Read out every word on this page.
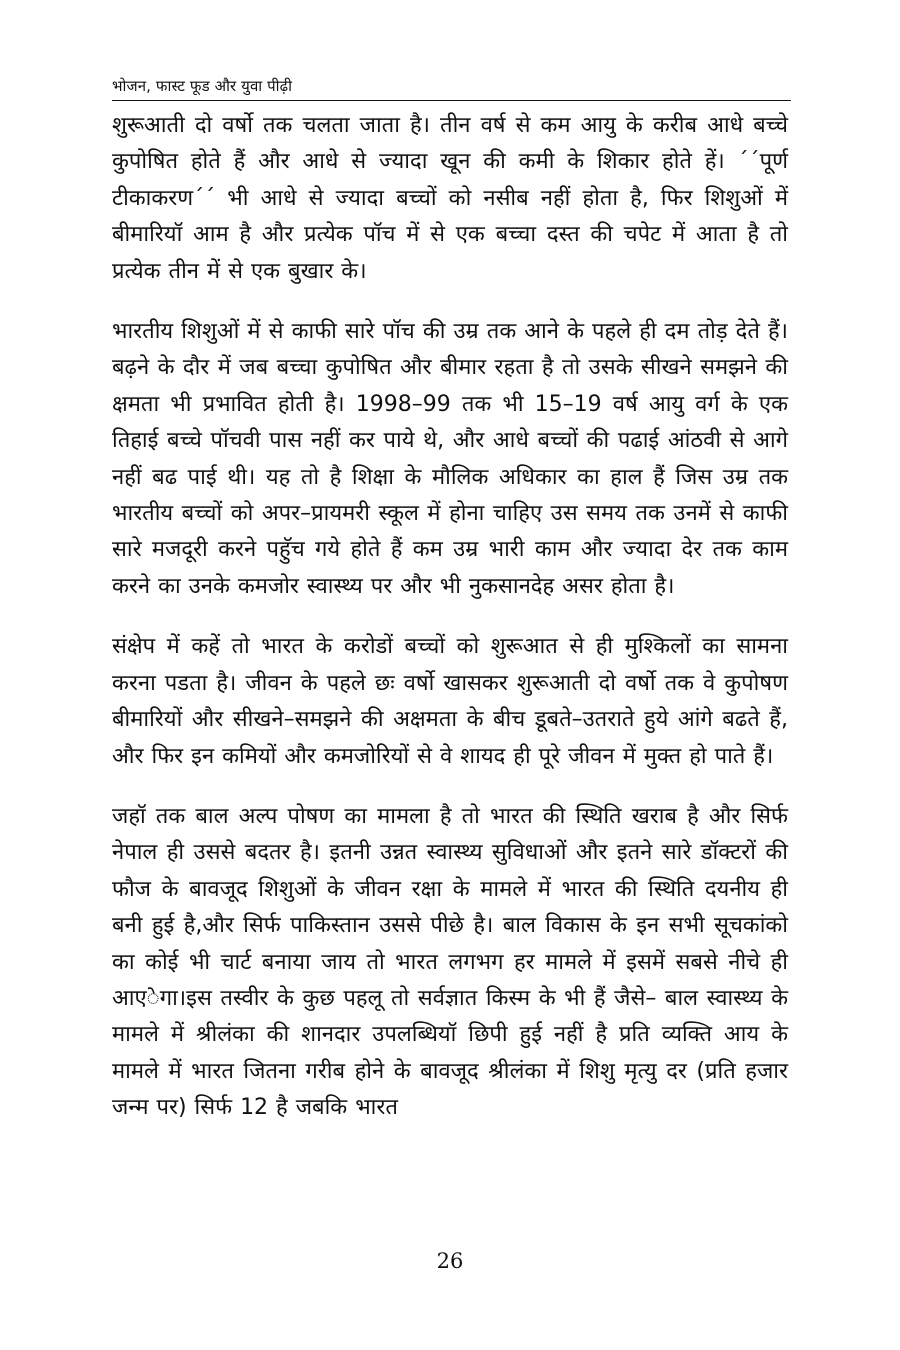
भोजन, फास्ट फूड और युवा पीढ़ी

शुरूआती दो वर्षो तक चलता जाता है। तीन वर्ष से कम आयु के करीब आधे बच्चे कुपोषित होते हैं और आधे से ज्यादा खून की कमी के शिकार होते हें। ´´पूर्ण टीकाकरण´´ भी आधे से ज्यादा बच्चों को नसीब नहीं होता है, फिर शिशुओं में बीमारियॉ आम है और प्रत्येक पॉच में से एक बच्चा दस्त की चपेट में आता है तो प्रत्येक तीन में से एक बुखार के।

भारतीय शिशुओं में से काफी सारे पॉच की उम्र तक आने के पहले ही दम तोड़ देते हैं। बढ़ने के दौर में जब बच्चा कुपोषित और बीमार रहता है तो उसके सीखने समझने की क्षमता भी प्रभावित होती है। 1998–99 तक भी 15–19 वर्ष आयु वर्ग के एक तिहाई बच्चे पॉचवी पास नहीं कर पाये थे, और आधे बच्चों की पढाई आंठवी से आगे नहीं बढ पाई थी। यह तो है शिक्षा के मौलिक अधिकार का हाल हैं जिस उम्र तक भारतीय बच्चों को अपर–प्रायमरी स्कूल में होना चाहिए उस समय तक उनमें से काफी सारे मजदूरी करने पहॅुच गये होते हैं कम उम्र भारी काम और ज्यादा देर तक काम करने का उनके कमजोर स्वास्थ्य पर और भी नुकसानदेह असर होता है।

संक्षेप में कहें तो भारत के करोडों बच्चों को शुरूआत से ही मुश्किलों का सामना करना पडता है। जीवन के पहले छः वर्षो खासकर शुरूआती दो वर्षो तक वे कुपोषण बीमारियों और सीखने–समझने की अक्षमता के बीच डूबते–उतराते हुये आंगे बढते हैं, और फिर इन कमियों और कमजोरियों से वे शायद ही पूरे जीवन में मुक्त हो पाते हैं।

जहॉ तक बाल अल्प पोषण का मामला है तो भारत की स्थिति खराब है और सिर्फ नेपाल ही उससे बदतर है। इतनी उन्नत स्वास्थ्य सुविधाओं और इतने सारे डॉक्टरों की फौज के बावजूद शिशुओं के जीवन रक्षा के मामले में भारत की स्थिति दयनीय ही बनी हुई है,और सिर्फ पाकिस्तान उससे पीछे है। बाल विकास के इन सभी सूचकांको का कोई भी चार्ट बनाया जाय तो भारत लगभग हर मामले में इसमें सबसे नीचे ही आएेगा।इस तस्वीर के कुछ पहलू तो सर्वज्ञात किस्म के भी हैं जैसे– बाल स्वास्थ्य के मामले में श्रीलंका की शानदार उपलब्धियॉ छिपी हुई नहीं है प्रति व्यक्ति आय के मामले में भारत जितना गरीब होने के बावजूद श्रीलंका में शिशु मृत्यु दर (प्रति हजार जन्म पर) सिर्फ 12 है जबकि भारत

26
